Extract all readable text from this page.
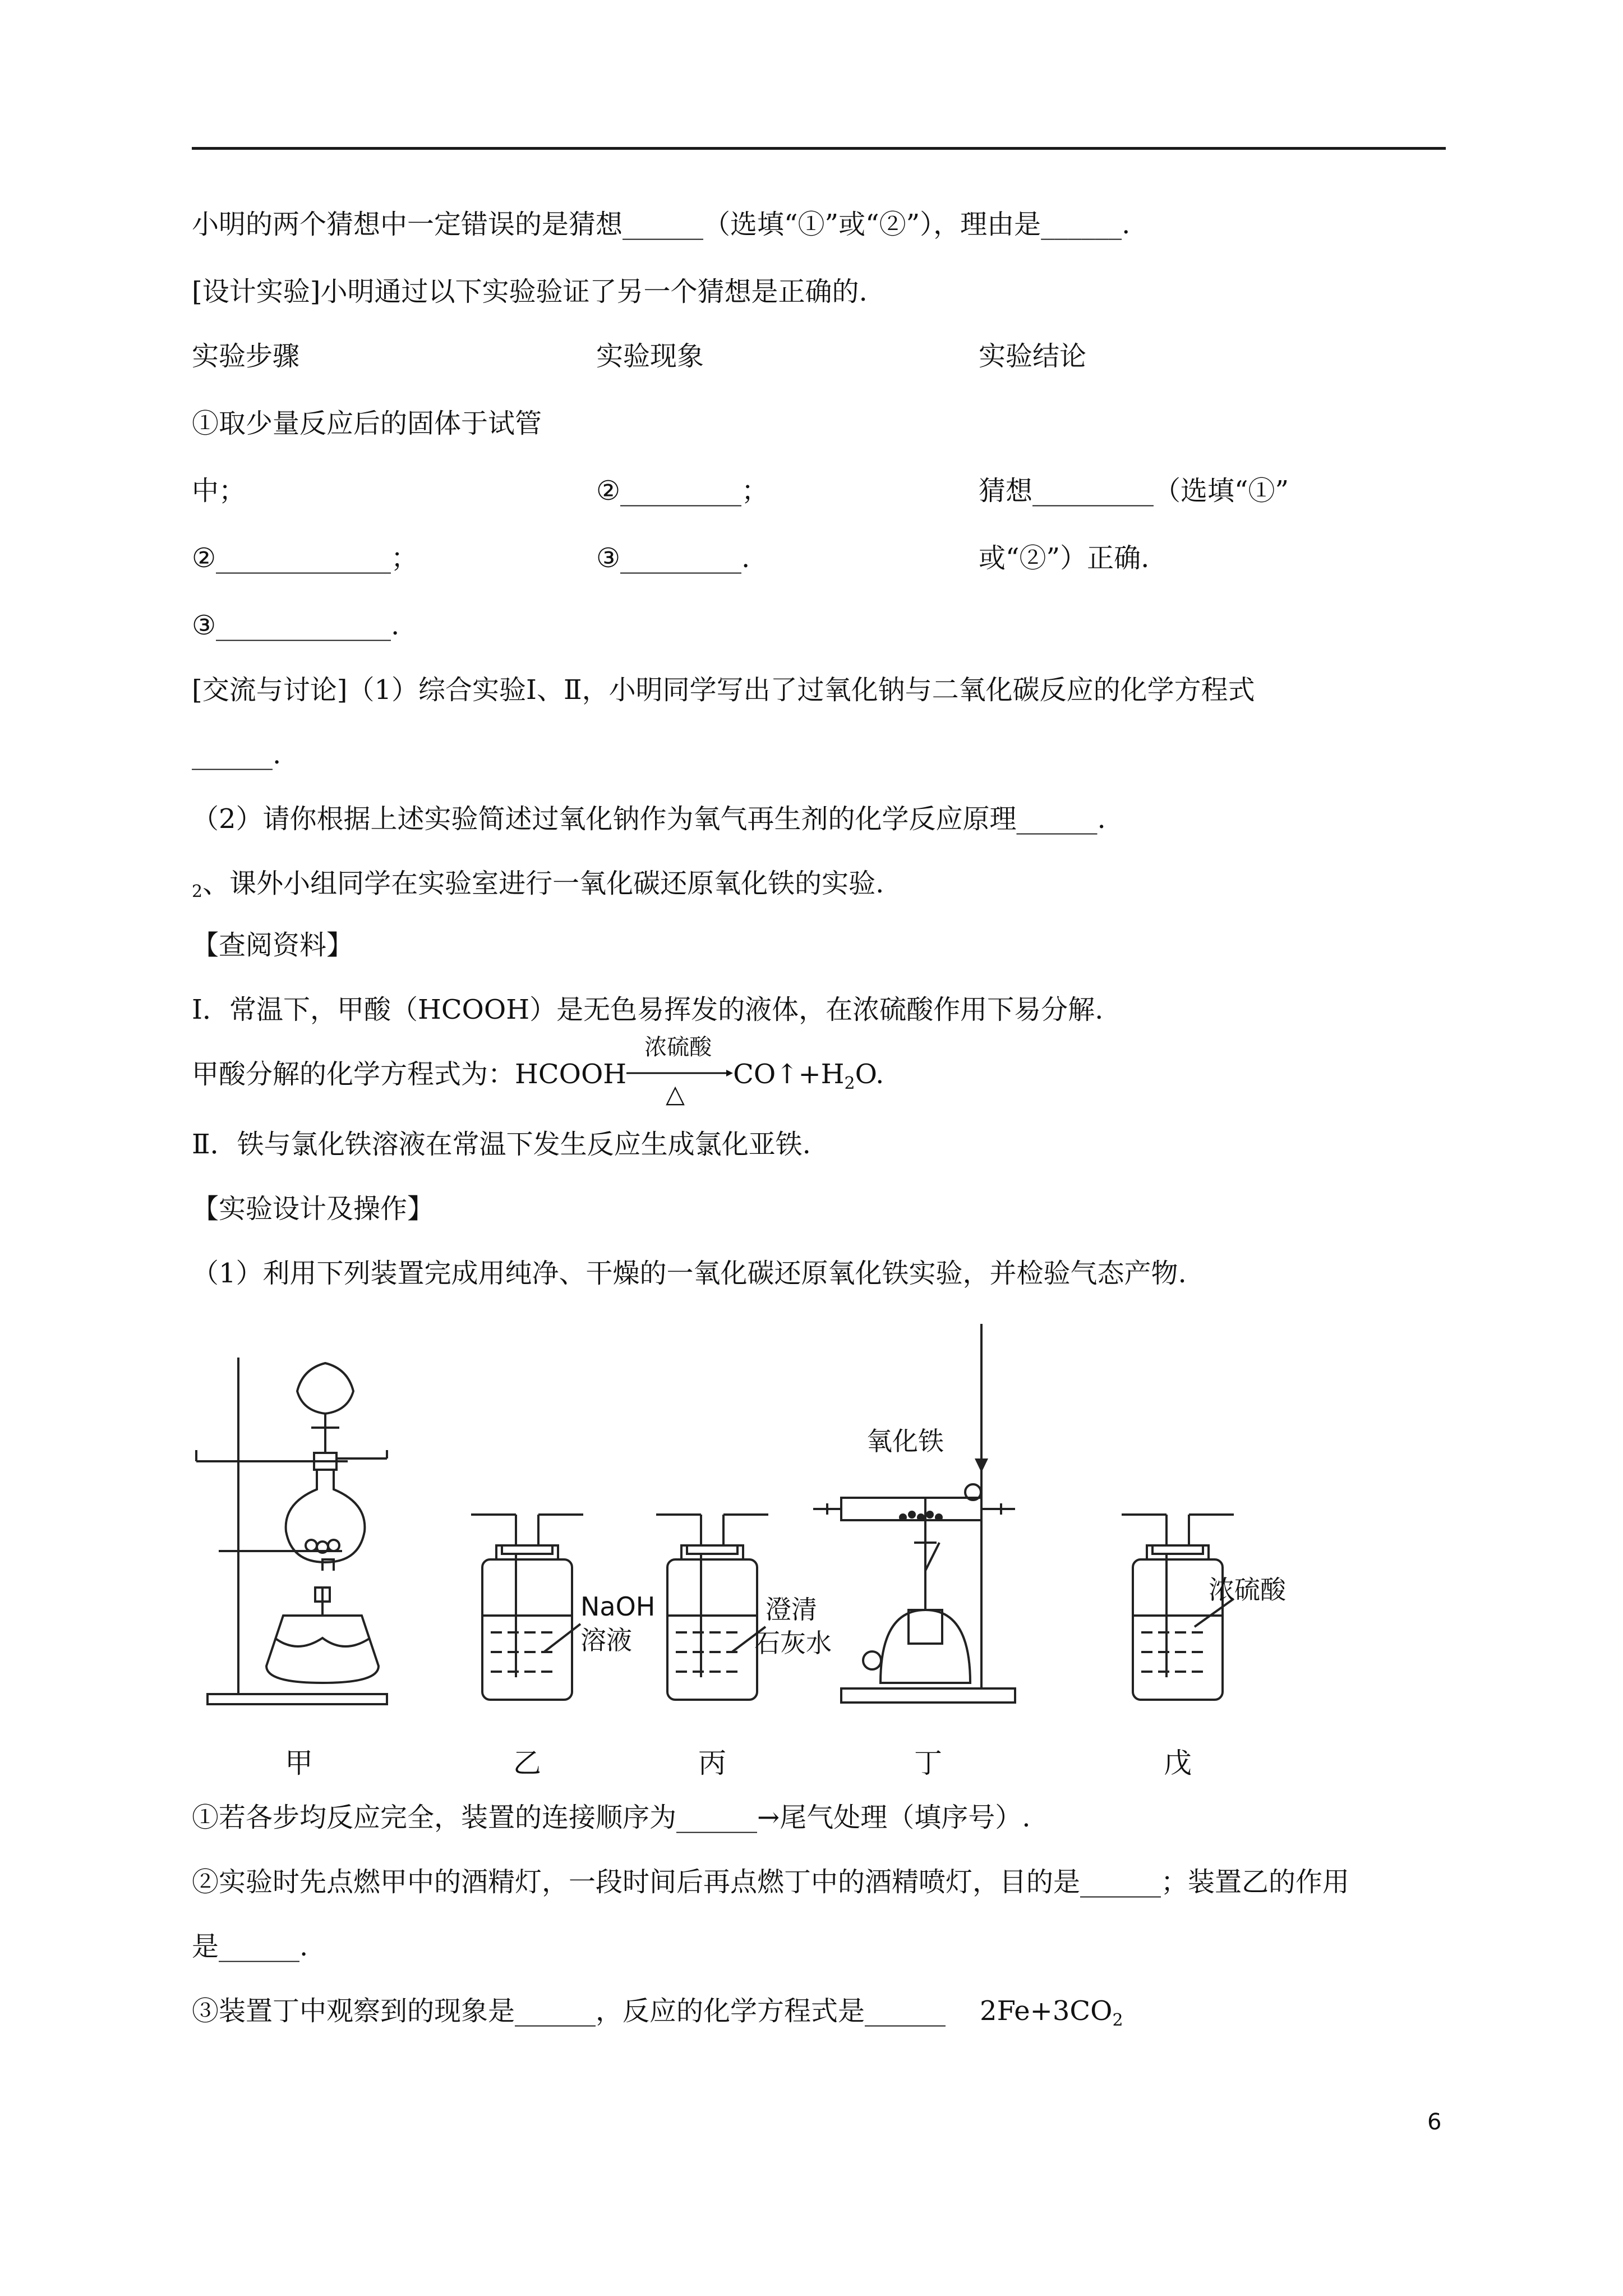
小明的两个猜想中一定错误的是猜想______（选填“①”或“②”），理由是______.
[设计实验]小明通过以下实验验证了另一个猜想是正确的.
实验步骤	实验现象	实验结论
①取少量反应后的固体于试管
中；	②_________；	猜想_________（选填“①”
②_____________；	③_________.	或“②”）正确.
③_____________.
[交流与讨论]（1）综合实验Ⅰ、Ⅱ，小明同学写出了过氧化钠与二氧化碳反应的化学方程式
______.
（2）请你根据上述实验简述过氧化钠作为氧气再生剂的化学反应原理______.
2、课外小组同学在实验室进行一氧化碳还原氧化铁的实验.
【查阅资料】
Ⅰ．常温下，甲酸（HCOOH）是无色易挥发的液体，在浓硫酸作用下易分解.
甲酸分解的化学方程式为：HCOOH
浓硫酸
△
$CO↑+H_2O$.
Ⅱ．铁与氯化铁溶液在常温下发生反应生成氯化亚铁.
【实验设计及操作】
（1）利用下列装置完成用纯净、干燥的一氧化碳还原氧化铁实验，并检验气态产物.
NaOH
溶液
澄清
石灰水
氧化铁
浓硫酸
甲	乙	丙	丁	戊
①若各步均反应完全，装置的连接顺序为______→尾气处理（填序号）.
②实验时先点燃甲中的酒精灯，一段时间后再点燃丁中的酒精喷灯，目的是______；装置乙的作用
是______.
③装置丁中观察到的现象是______，反应的化学方程式是______    $2Fe+3CO_2$
6
